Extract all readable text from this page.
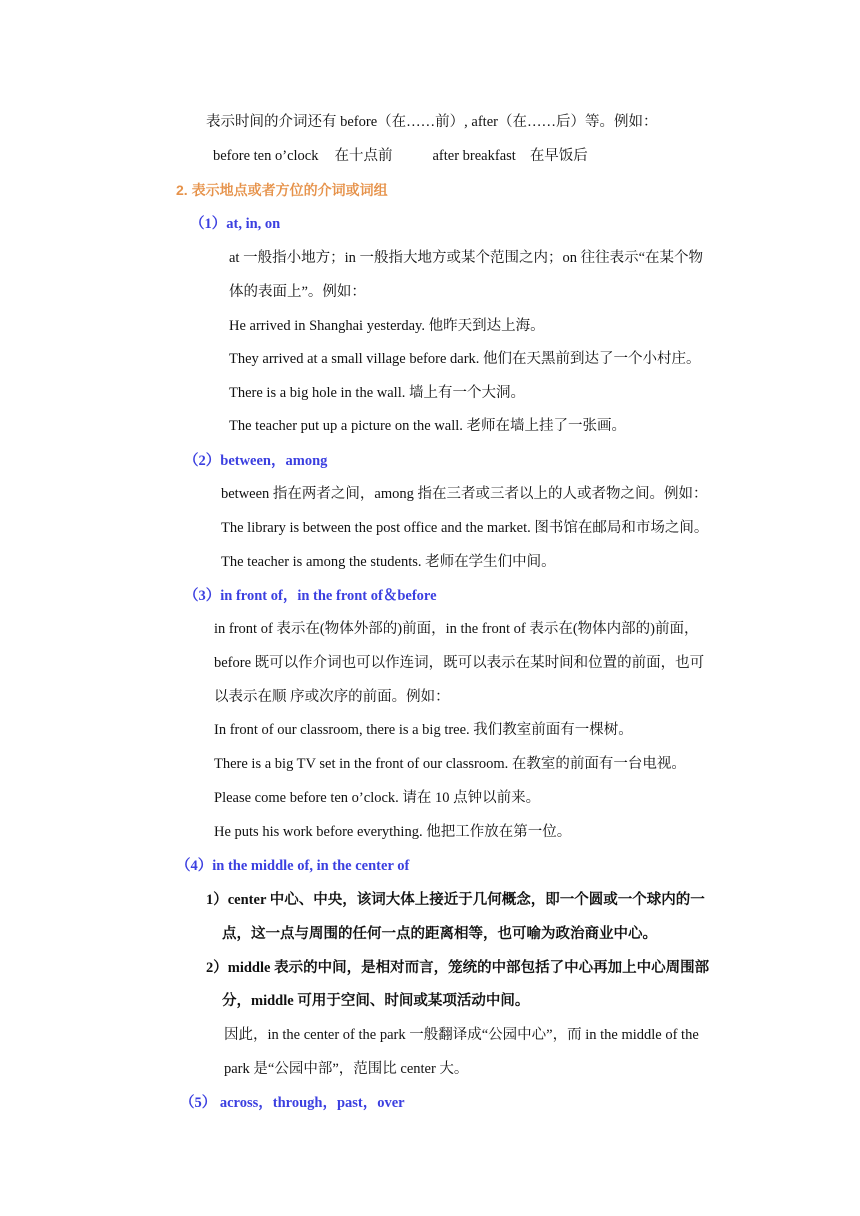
表示时间的介词还有 before（在……前）, after（在……后）等。例如：
before ten o’clock 在十点前	after breakfast 在早饭后
2. 表示地点或者方位的介词或词组
（1）at, in, on
at 一般指小地方；in 一般指大地方或某个范围之内；on 往往表示“在某个物
体的表面上”。例如：
He arrived in Shanghai yesterday. 他昨天到达上海。
They arrived at a small village before dark. 他们在天黑前到达了一个小村庄。
There is a big hole in the wall. 墙上有一个大洞。
The teacher put up a picture on the wall. 老师在墙上挂了一张画。
（2）between，among
between 指在两者之间，among 指在三者或三者以上的人或者物之间。例如：
The library is between the post office and the market. 图书馆在邮局和市场之间。
The teacher is among the students. 老师在学生们中间。
（3）in front of，in the front of＆before
in front of 表示在(物体外部的)前面，in the front of 表示在(物体内部的)前面，
before 既可以作介词也可以作连词，既可以表示在某时间和位置的前面，也可
以表示在顺 序或次序的前面。例如：
In front of our classroom, there is a big tree. 我们教室前面有一棵树。
There is a big TV set in the front of our classroom. 在教室的前面有一台电视。
Please come before ten o’clock. 请在 10 点钟以前来。
He puts his work before everything. 他把工作放在第一位。
（4）in the middle of, in the center of
1）center 中心、中央，该词大体上接近于几何概念，即一个圆或一个球内的一
点，这一点与周围的任何一点的距离相等，也可喻为政治商业中心。
2）middle 表示的中间，是相对而言，笼统的中部包括了中心再加上中心周围部
分，middle 可用于空间、时间或某项活动中间。
因此，in the center of the park 一般翻译成“公园中心”，而 in the middle of the
park 是“公园中部”，范围比 center 大。
（5） across，through，past，over
